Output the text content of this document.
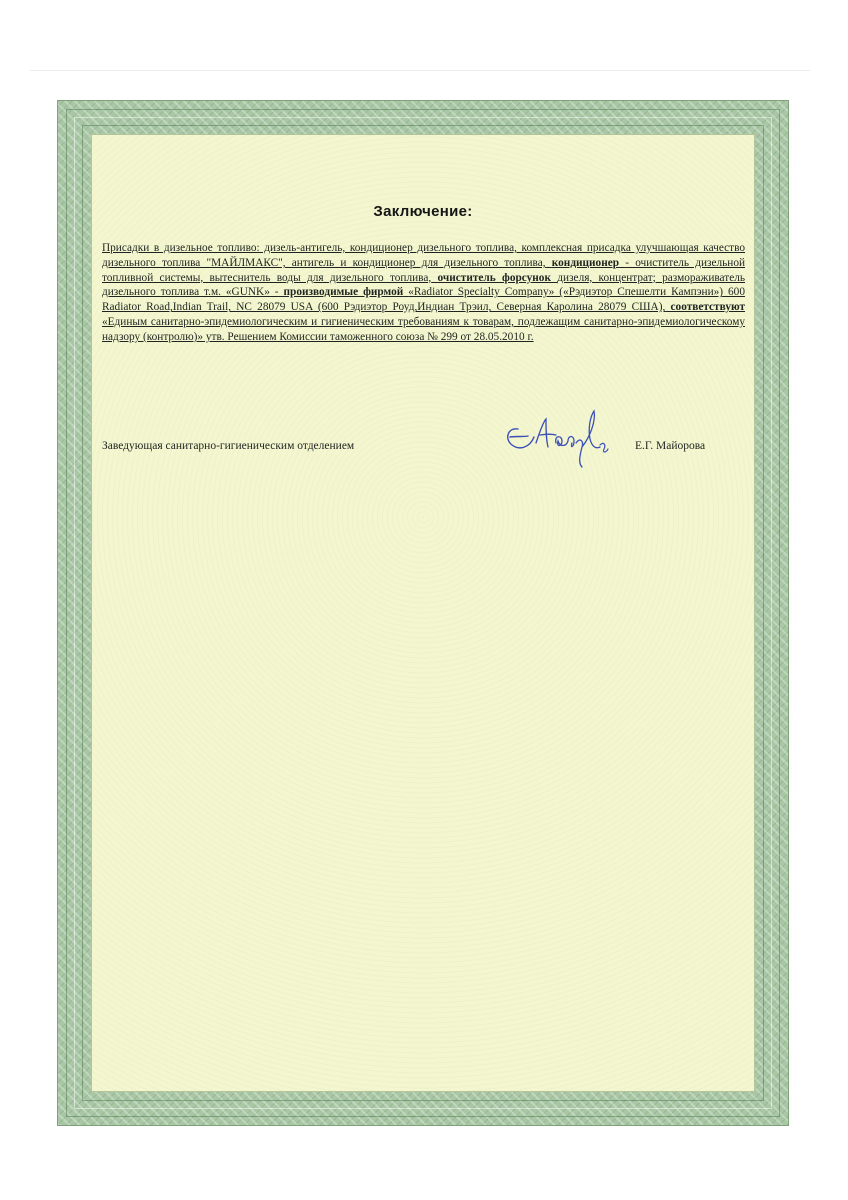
Заключение:
Присадки в дизельное топливо: дизель-антигель, кондиционер дизельного топлива, комплексная присадка улучшающая качество дизельного топлива "МАЙЛМАКС", антигель и кондиционер для дизельного топлива, кондиционер - очиститель дизельной топливной системы, вытеснитель воды для дизельного топлива, очиститель форсунок дизеля, концентрат; размораживатель дизельного топлива т.м. «GUNK» - производимые фирмой «Radiator Specialty Company» («Рэдиэтор Спешелти Кампэни») 600 Radiator Road,Indian Trail, NC 28079 USA (600 Рэдиэтор Роуд,Индиан Трэил, Северная Каролина 28079 США), соответствуют «Единым санитарно-эпидемиологическим и гигиеническим требованиям к товарам, подлежащим санитарно-эпидемиологическому надзору (контролю)» утв. Решением Комиссии таможенного союза № 299 от 28.05.2010 г.
Заведующая санитарно-гигиеническим отделением	Е.Г. Майорова
